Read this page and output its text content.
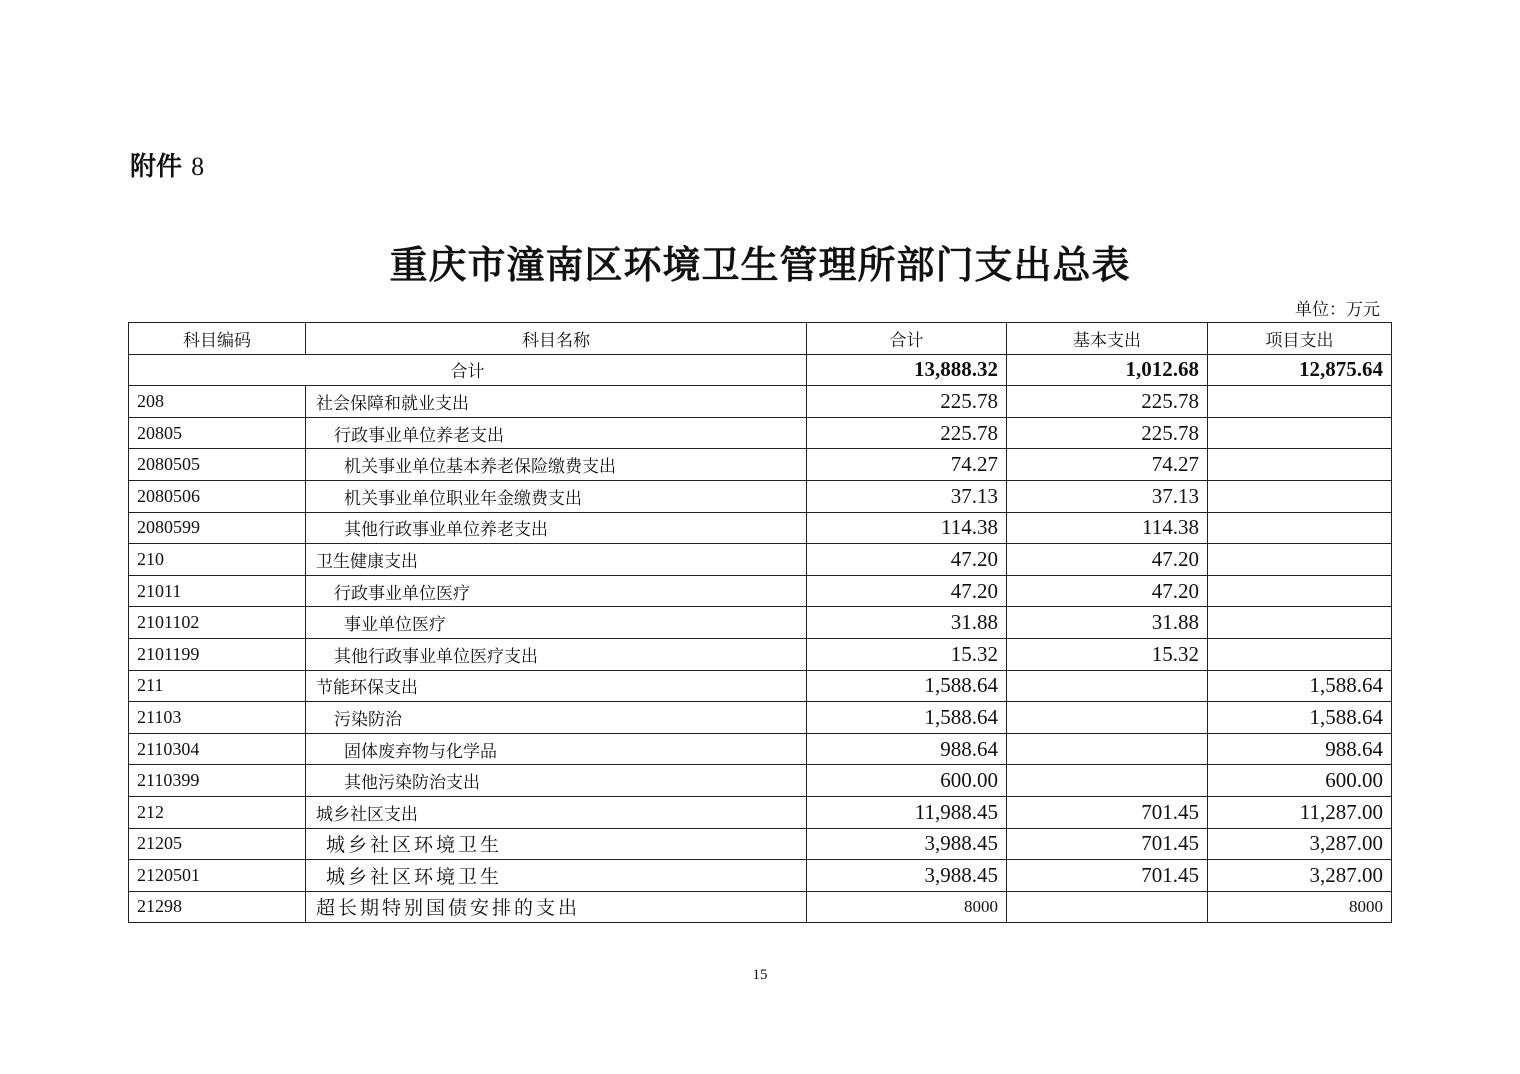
附件 8
重庆市潼南区环境卫生管理所部门支出总表
单位：万元
科目编码	科目名称	合计	基本支出	项目支出
合计		13,888.32	1,012.68	12,875.64
208	社会保障和就业支出	225.78	225.78	
20805	行政事业单位养老支出	225.78	225.78	
2080505	机关事业单位基本养老保险缴费支出	74.27	74.27	
2080506	机关事业单位职业年金缴费支出	37.13	37.13	
2080599	其他行政事业单位养老支出	114.38	114.38	
210	卫生健康支出	47.20	47.20	
21011	行政事业单位医疗	47.20	47.20	
2101102	事业单位医疗	31.88	31.88	
2101199	其他行政事业单位医疗支出	15.32	15.32	
211	节能环保支出	1,588.64		1,588.64
21103	污染防治	1,588.64		1,588.64
2110304	固体废弃物与化学品	988.64		988.64
2110399	其他污染防治支出	600.00		600.00
212	城乡社区支出	11,988.45	701.45	11,287.00
21205	城乡社区环境卫生	3,988.45	701.45	3,287.00
2120501	城乡社区环境卫生	3,988.45	701.45	3,287.00
21298	超长期特别国债安排的支出	8000		8000
15
